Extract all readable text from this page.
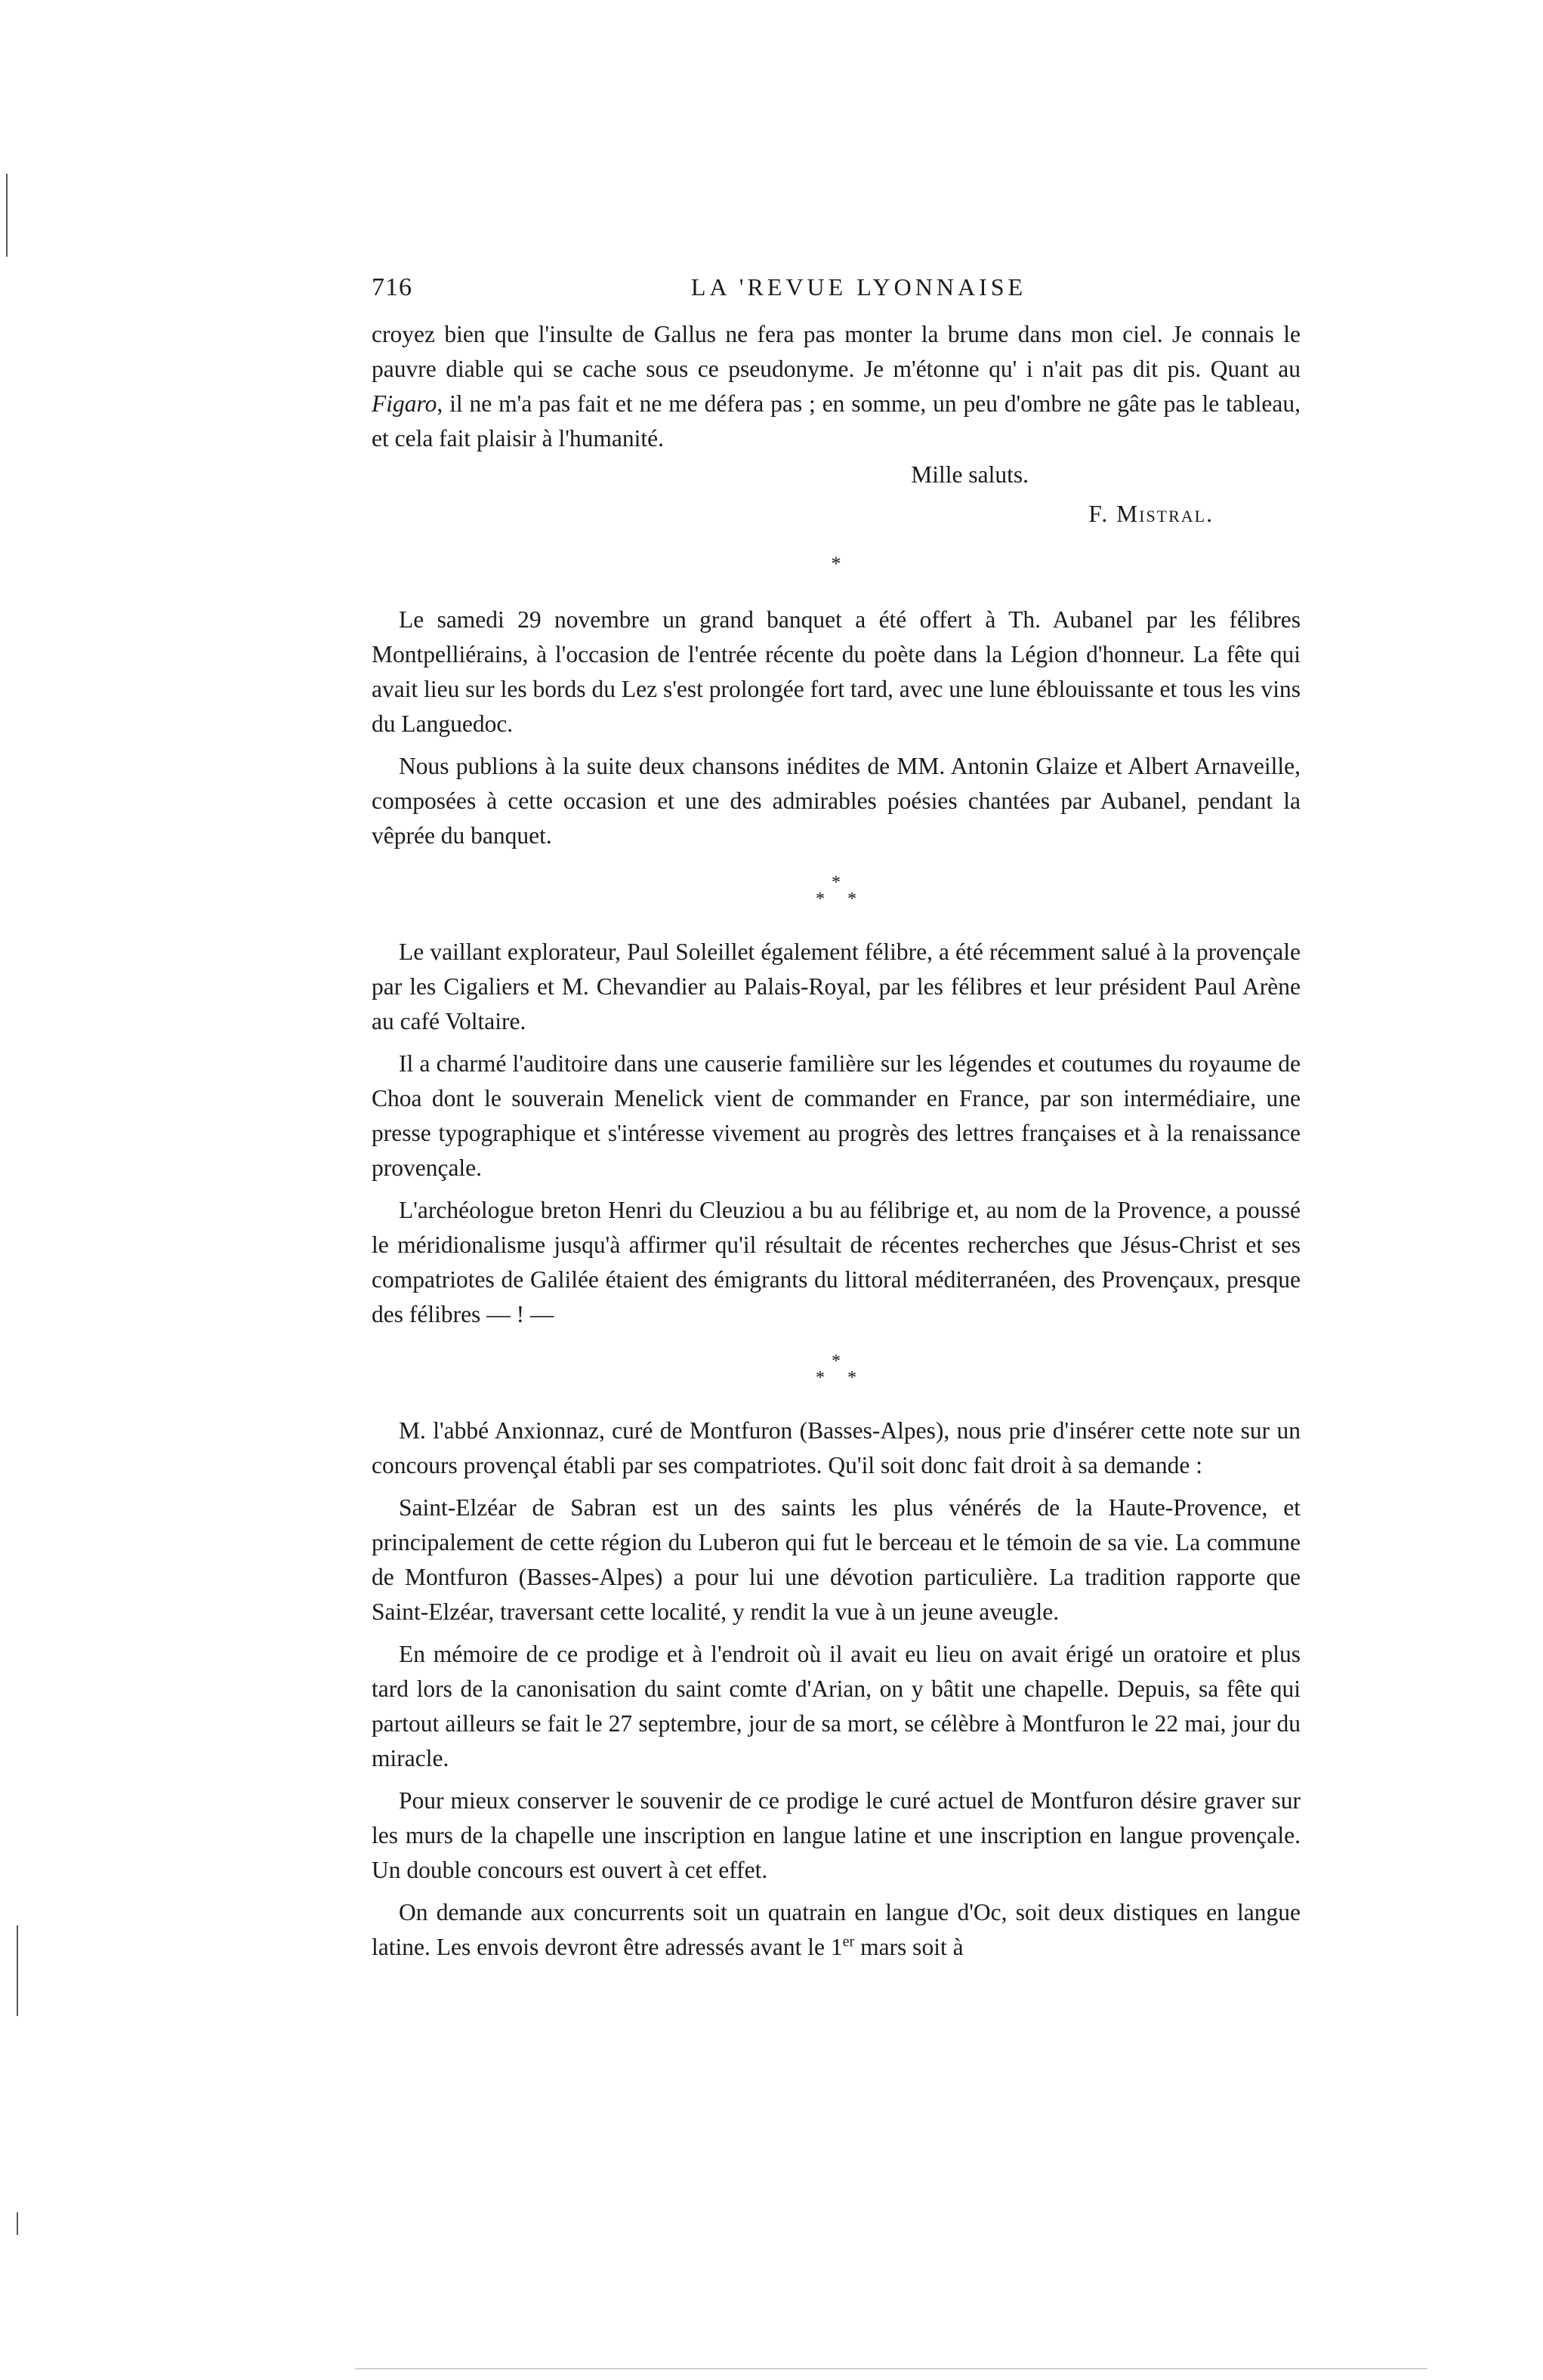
716	LA 'REVUE LYONNAISE

croyez bien que l'insulte de Gallus ne fera pas monter la brume dans mon ciel. Je connais le pauvre diable qui se cache sous ce pseudonyme. Je m'étonne qu' i n'ait pas dit pis. Quant au Figaro, il ne m'a pas fait et ne me défera pas ; en somme, un peu d'ombre ne gâte pas le tableau, et cela fait plaisir à l'humanité.

Mille saluts.
F. Mistral.
*

Le samedi 29 novembre un grand banquet a été offert à Th. Aubanel par les félibres Montpelliérains, à l'occasion de l'entrée récente du poète dans la Légion d'honneur. La fête qui avait lieu sur les bords du Lez s'est prolongée fort tard, avec une lune éblouissante et tous les vins du Languedoc.

Nous publions à la suite deux chansons inédites de MM. Antonin Glaize et Albert Arnaveille, composées à cette occasion et une des admirables poésies chantées par Aubanel, pendant la vêprée du banquet.

*
* *

Le vaillant explorateur, Paul Soleillet également félibre, a été récemment salué à la provençale par les Cigaliers et M. Chevandier au Palais-Royal, par les félibres et leur président Paul Arène au café Voltaire.

Il a charmé l'auditoire dans une causerie familière sur les légendes et coutumes du royaume de Choa dont le souverain Menelick vient de commander en France, par son intermédiaire, une presse typographique et s'intéresse vivement au progrès des lettres françaises et à la renaissance provençale.

L'archéologue breton Henri du Cleuziou a bu au félibrige et, au nom de la Provence, a poussé le méridionalisme jusqu'à affirmer qu'il résultait de récentes recherches que Jésus-Christ et ses compatriotes de Galilée étaient des émigrants du littoral méditerranéen, des Provençaux, presque des félibres — ! —

*
* *

M. l'abbé Anxionnaz, curé de Montfuron (Basses-Alpes), nous prie d'insérer cette note sur un concours provençal établi par ses compatriotes. Qu'il soit donc fait droit à sa demande :

Saint-Elzéar de Sabran est un des saints les plus vénérés de la Haute-Provence, et principalement de cette région du Luberon qui fut le berceau et le témoin de sa vie. La commune de Montfuron (Basses-Alpes) a pour lui une dévotion particulière. La tradition rapporte que Saint-Elzéar, traversant cette localité, y rendit la vue à un jeune aveugle.

En mémoire de ce prodige et à l'endroit où il avait eu lieu on avait érigé un oratoire et plus tard lors de la canonisation du saint comte d'Arian, on y bâtit une chapelle. Depuis, sa fête qui partout ailleurs se fait le 27 septembre, jour de sa mort, se célèbre à Montfuron le 22 mai, jour du miracle.

Pour mieux conserver le souvenir de ce prodige le curé actuel de Montfuron désire graver sur les murs de la chapelle une inscription en langue latine et une inscription en langue provençale. Un double concours est ouvert à cet effet.

On demande aux concurrents soit un quatrain en langue d'Oc, soit deux distiques en langue latine. Les envois devront être adressés avant le 1er mars soit à
